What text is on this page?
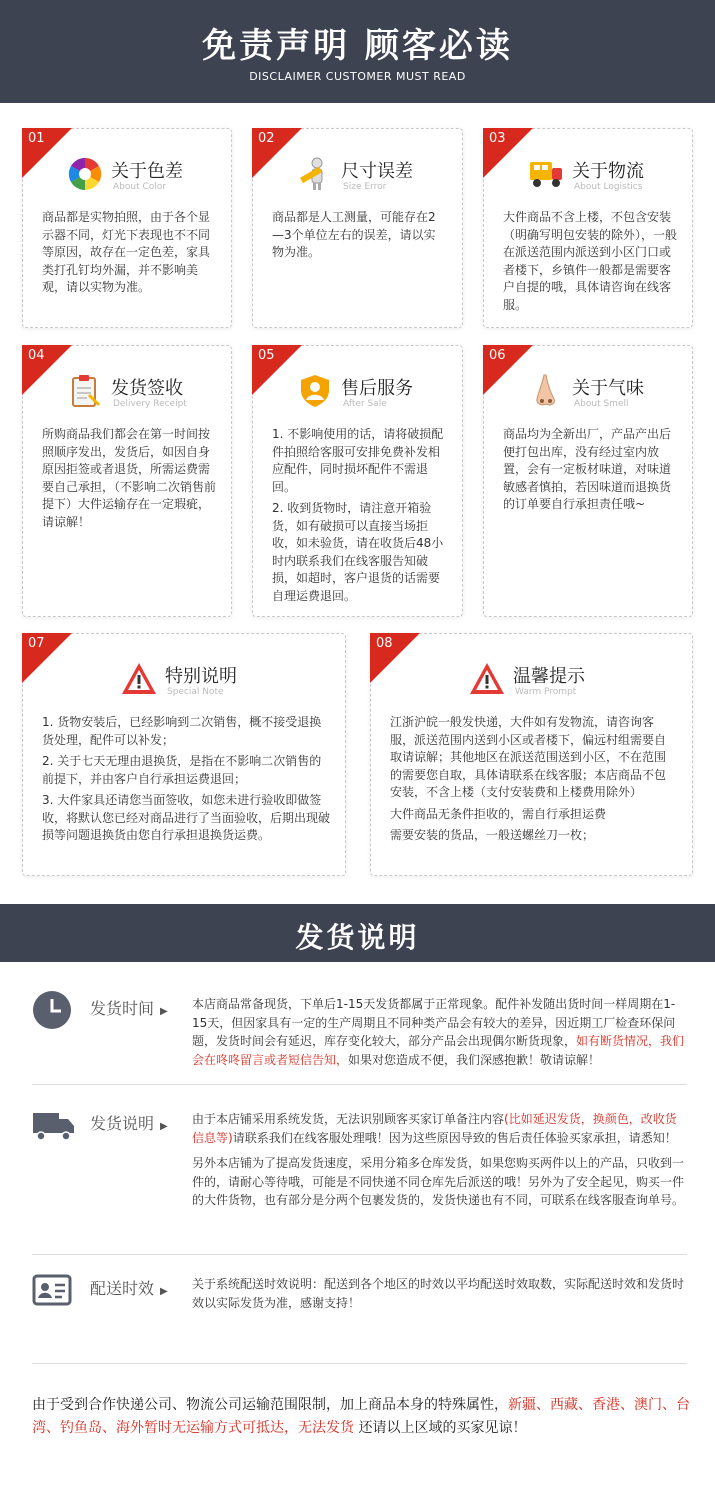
免责声明 顾客必读
DISCLAIMER CUSTOMER MUST READ
01
关于色差
About Color

商品都是实物拍照，由于各个显示器不同，灯光下表现也不不同等原因，故存在一定色差，家具类打孔钉均外漏，并不影响美观，请以实物为准。

02
尺寸误差
Size Error

商品都是人工测量，可能存在2—3个单位左右的误差，请以实物为准。

03
关于物流
About Logistics

大件商品不含上楼，不包含安装（明确写明包安装的除外），一般在派送范围内派送到小区门口或者楼下，乡镇件一般都是需要客户自提的哦，具体请咨询在线客服。

04
发货签收
Delivery Receipt

所购商品我们都会在第一时间按照顺序发出，发货后，如因自身原因拒签或者退货，所需运费需要自己承担，（不影响二次销售前提下）大件运输存在一定瑕疵，请谅解！

05
售后服务
After Sale

1. 不影响使用的话，请将破损配件拍照给客服可安排免费补发相应配件，同时损坏配件不需退回。

2. 收到货物时，请注意开箱验货，如有破损可以直接当场拒收，如未验货，请在收货后48小时内联系我们在线客服告知破损，如超时，客户退货的话需要自理运费退回。

06
关于气味
About Smell

商品均为全新出厂，产品产出后便打包出库，没有经过室内放置，会有一定板材味道，对味道敏感者慎拍，若因味道而退换货的订单要自行承担责任哦~

07
特别说明
Special Note

1. 货物安装后，已经影响到二次销售，概不接受退换货处理，配件可以补发；

2. 关于七天无理由退换货，是指在不影响二次销售的前提下，并由客户自行承担运费退回；

3. 大件家具还请您当面签收，如您未进行验收即做签收，将默认您已经对商品进行了当面验收，后期出现破损等问题退换货由您自行承担退换货运费。

08
温馨提示
Warm Prompt

江浙沪皖一般发快递，大件如有发物流，请咨询客服，派送范围内送到小区或者楼下，偏远村组需要自取请谅解；其他地区在派送范围送到小区，不在范围的需要您自取，具体请联系在线客服；本店商品不包安装，不含上楼（支付安装费和上楼费用除外）

大件商品无条件拒收的，需自行承担运费

需要安装的货品，一般送螺丝刀一枚；

发货说明
发货时间 ▶
本店商品常备现货，下单后1-15天发货都属于正常现象。配件补发随出货时间一样周期在1-15天，但因家具有一定的生产周期且不同种类产品会有较大的差异，因近期工厂检查环保问题，发货时间会有延迟，库存变化较大，部分产品会出现偶尔断货现象，如有断货情况，我们会在咚咚留言或者短信告知，如果对您造成不便，我们深感抱歉！敬请谅解！
发货说明 ▶
由于本店铺采用系统发货，无法识别顾客买家订单备注内容(比如延迟发货，换颜色，改收货信息等)请联系我们在线客服处理哦！因为这些原因导致的售后责任体验买家承担，请悉知！
另外本店铺为了提高发货速度，采用分箱多仓库发货，如果您购买两件以上的产品，只收到一件的，请耐心等待哦，可能是不同快递不同仓库先后派送的哦！另外为了安全起见，购买一件的大件货物，也有部分是分两个包裹发货的，发货快递也有不同，可联系在线客服查询单号。
配送时效 ▶
关于系统配送时效说明：配送到各个地区的时效以平均配送时效取数，实际配送时效和发货时效以实际发货为准，感谢支持！
由于受到合作快递公司、物流公司运输范围限制，加上商品本身的特殊属性，新疆、西藏、香港、澳门、台湾、钓鱼岛、海外暂时无运输方式可抵达，无法发货 还请以上区域的买家见谅！
